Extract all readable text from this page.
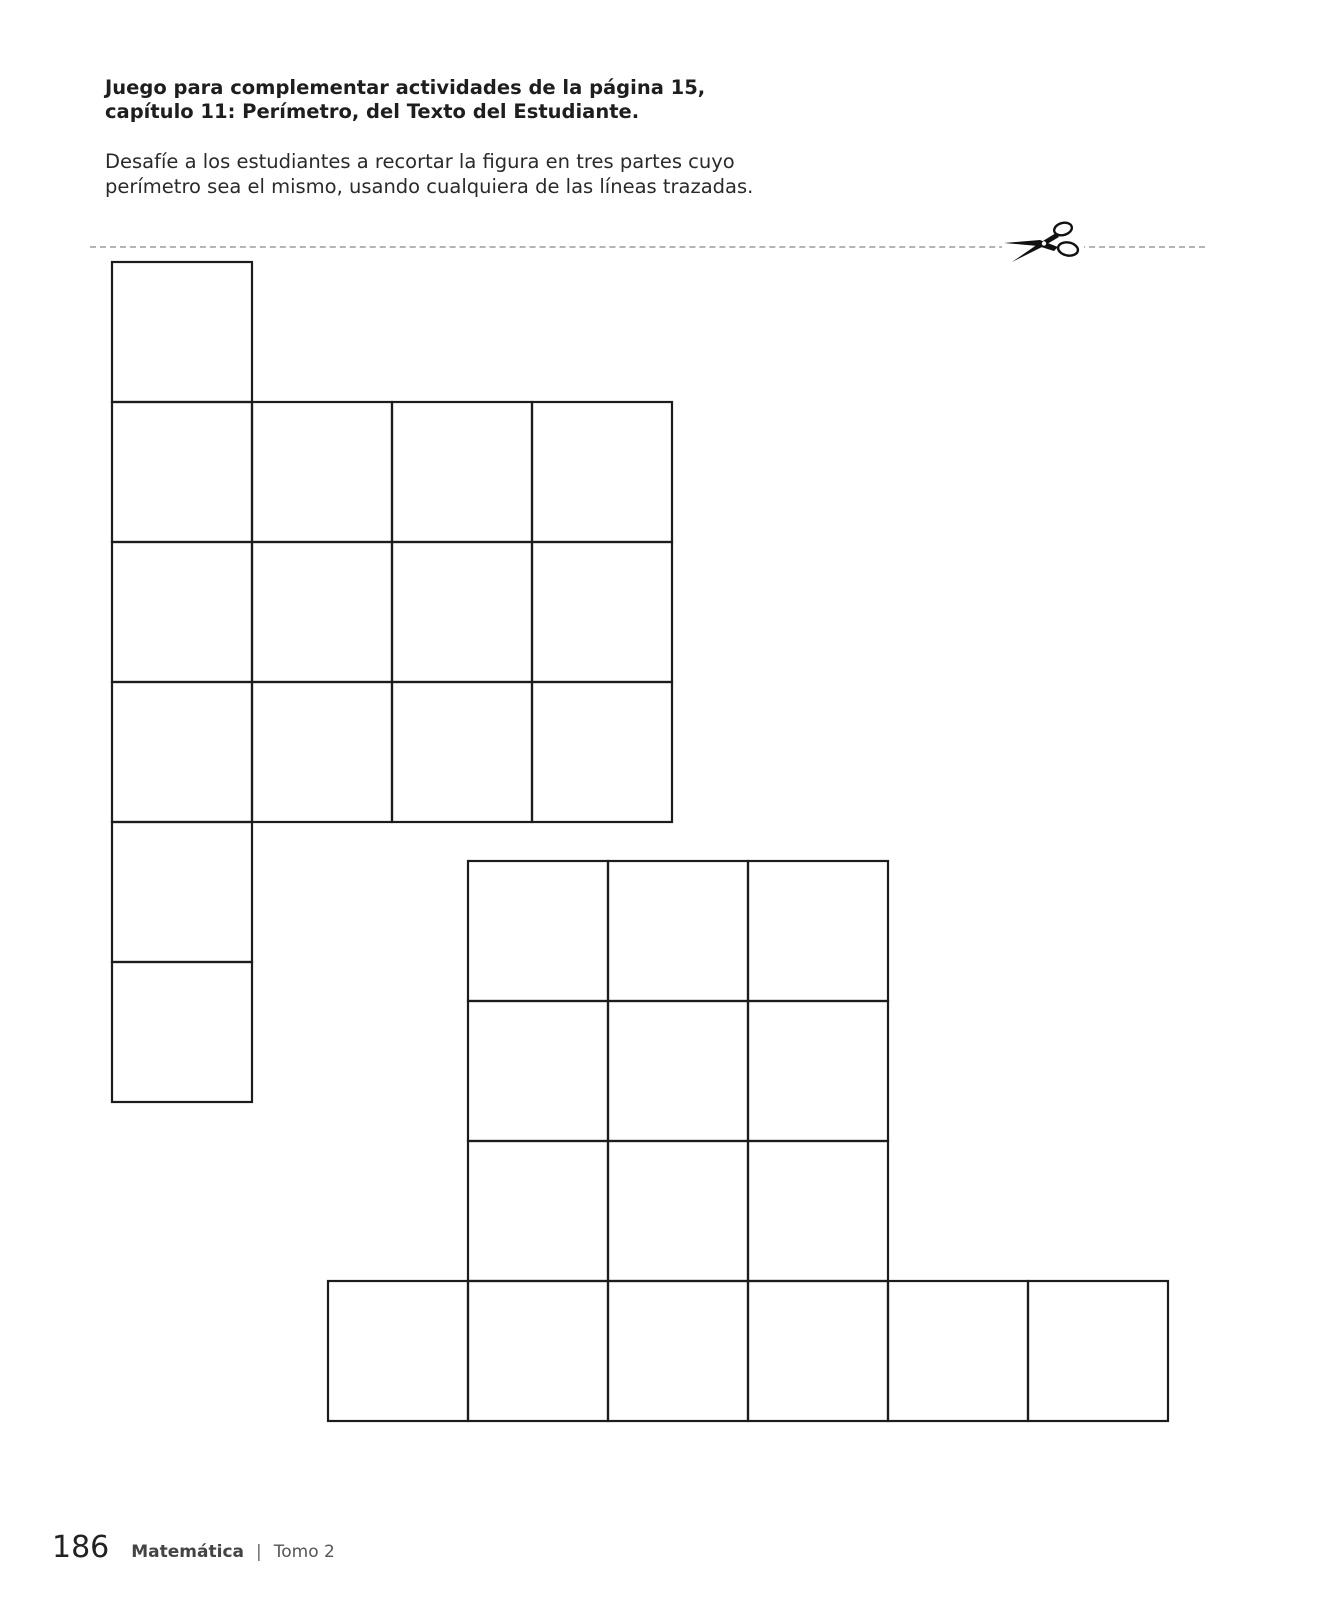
Juego para complementar actividades de la página 15,
capítulo 11: Perímetro, del Texto del Estudiante.
Desafíe a los estudiantes a recortar la figura en tres partes cuyo
perímetro sea el mismo, usando cualquiera de las líneas trazadas.
186 Matemática | Tomo 2
